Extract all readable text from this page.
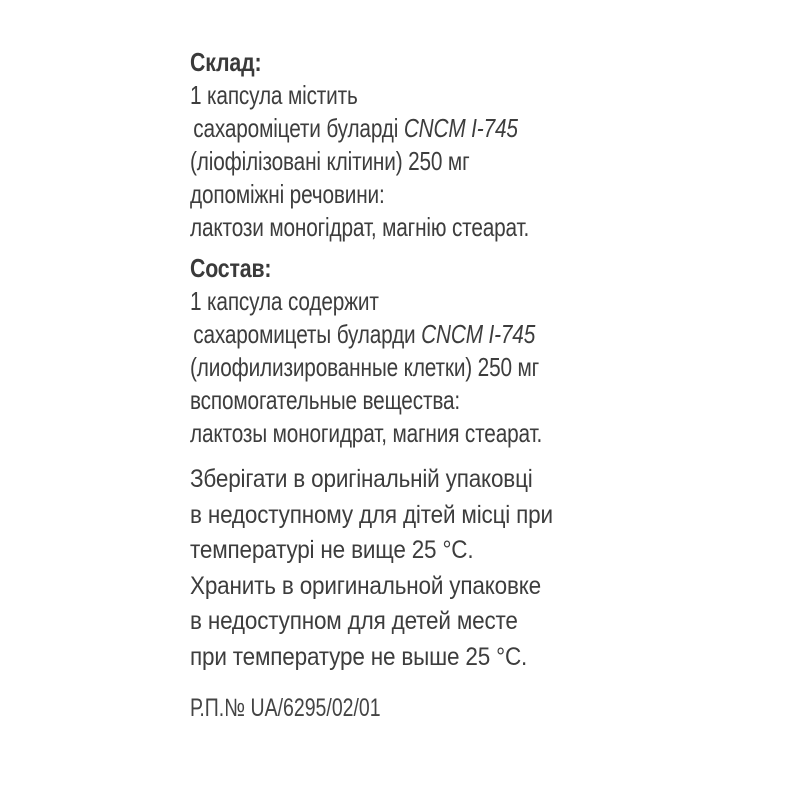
Склад:
1 капсула містить
сахароміцети буларді CNCM I-745
(ліофілізовані клітини) 250 мг
допоміжні речовини:
лактози моногідрат, магнію стеарат.
Состав:
1 капсула содержит
сахаромицеты буларди CNCM I-745
(лиофилизированные клетки) 250 мг
вспомогательные вещества:
лактозы моногидрат, магния стеарат.
Зберігати в оригінальній упаковці
в недоступному для дітей місці при
температурі не вище 25 °С.
Хранить в оригинальной упаковке
в недоступном для детей месте
при температуре не выше 25 °С.
Р.П.№ UA/6295/02/01
